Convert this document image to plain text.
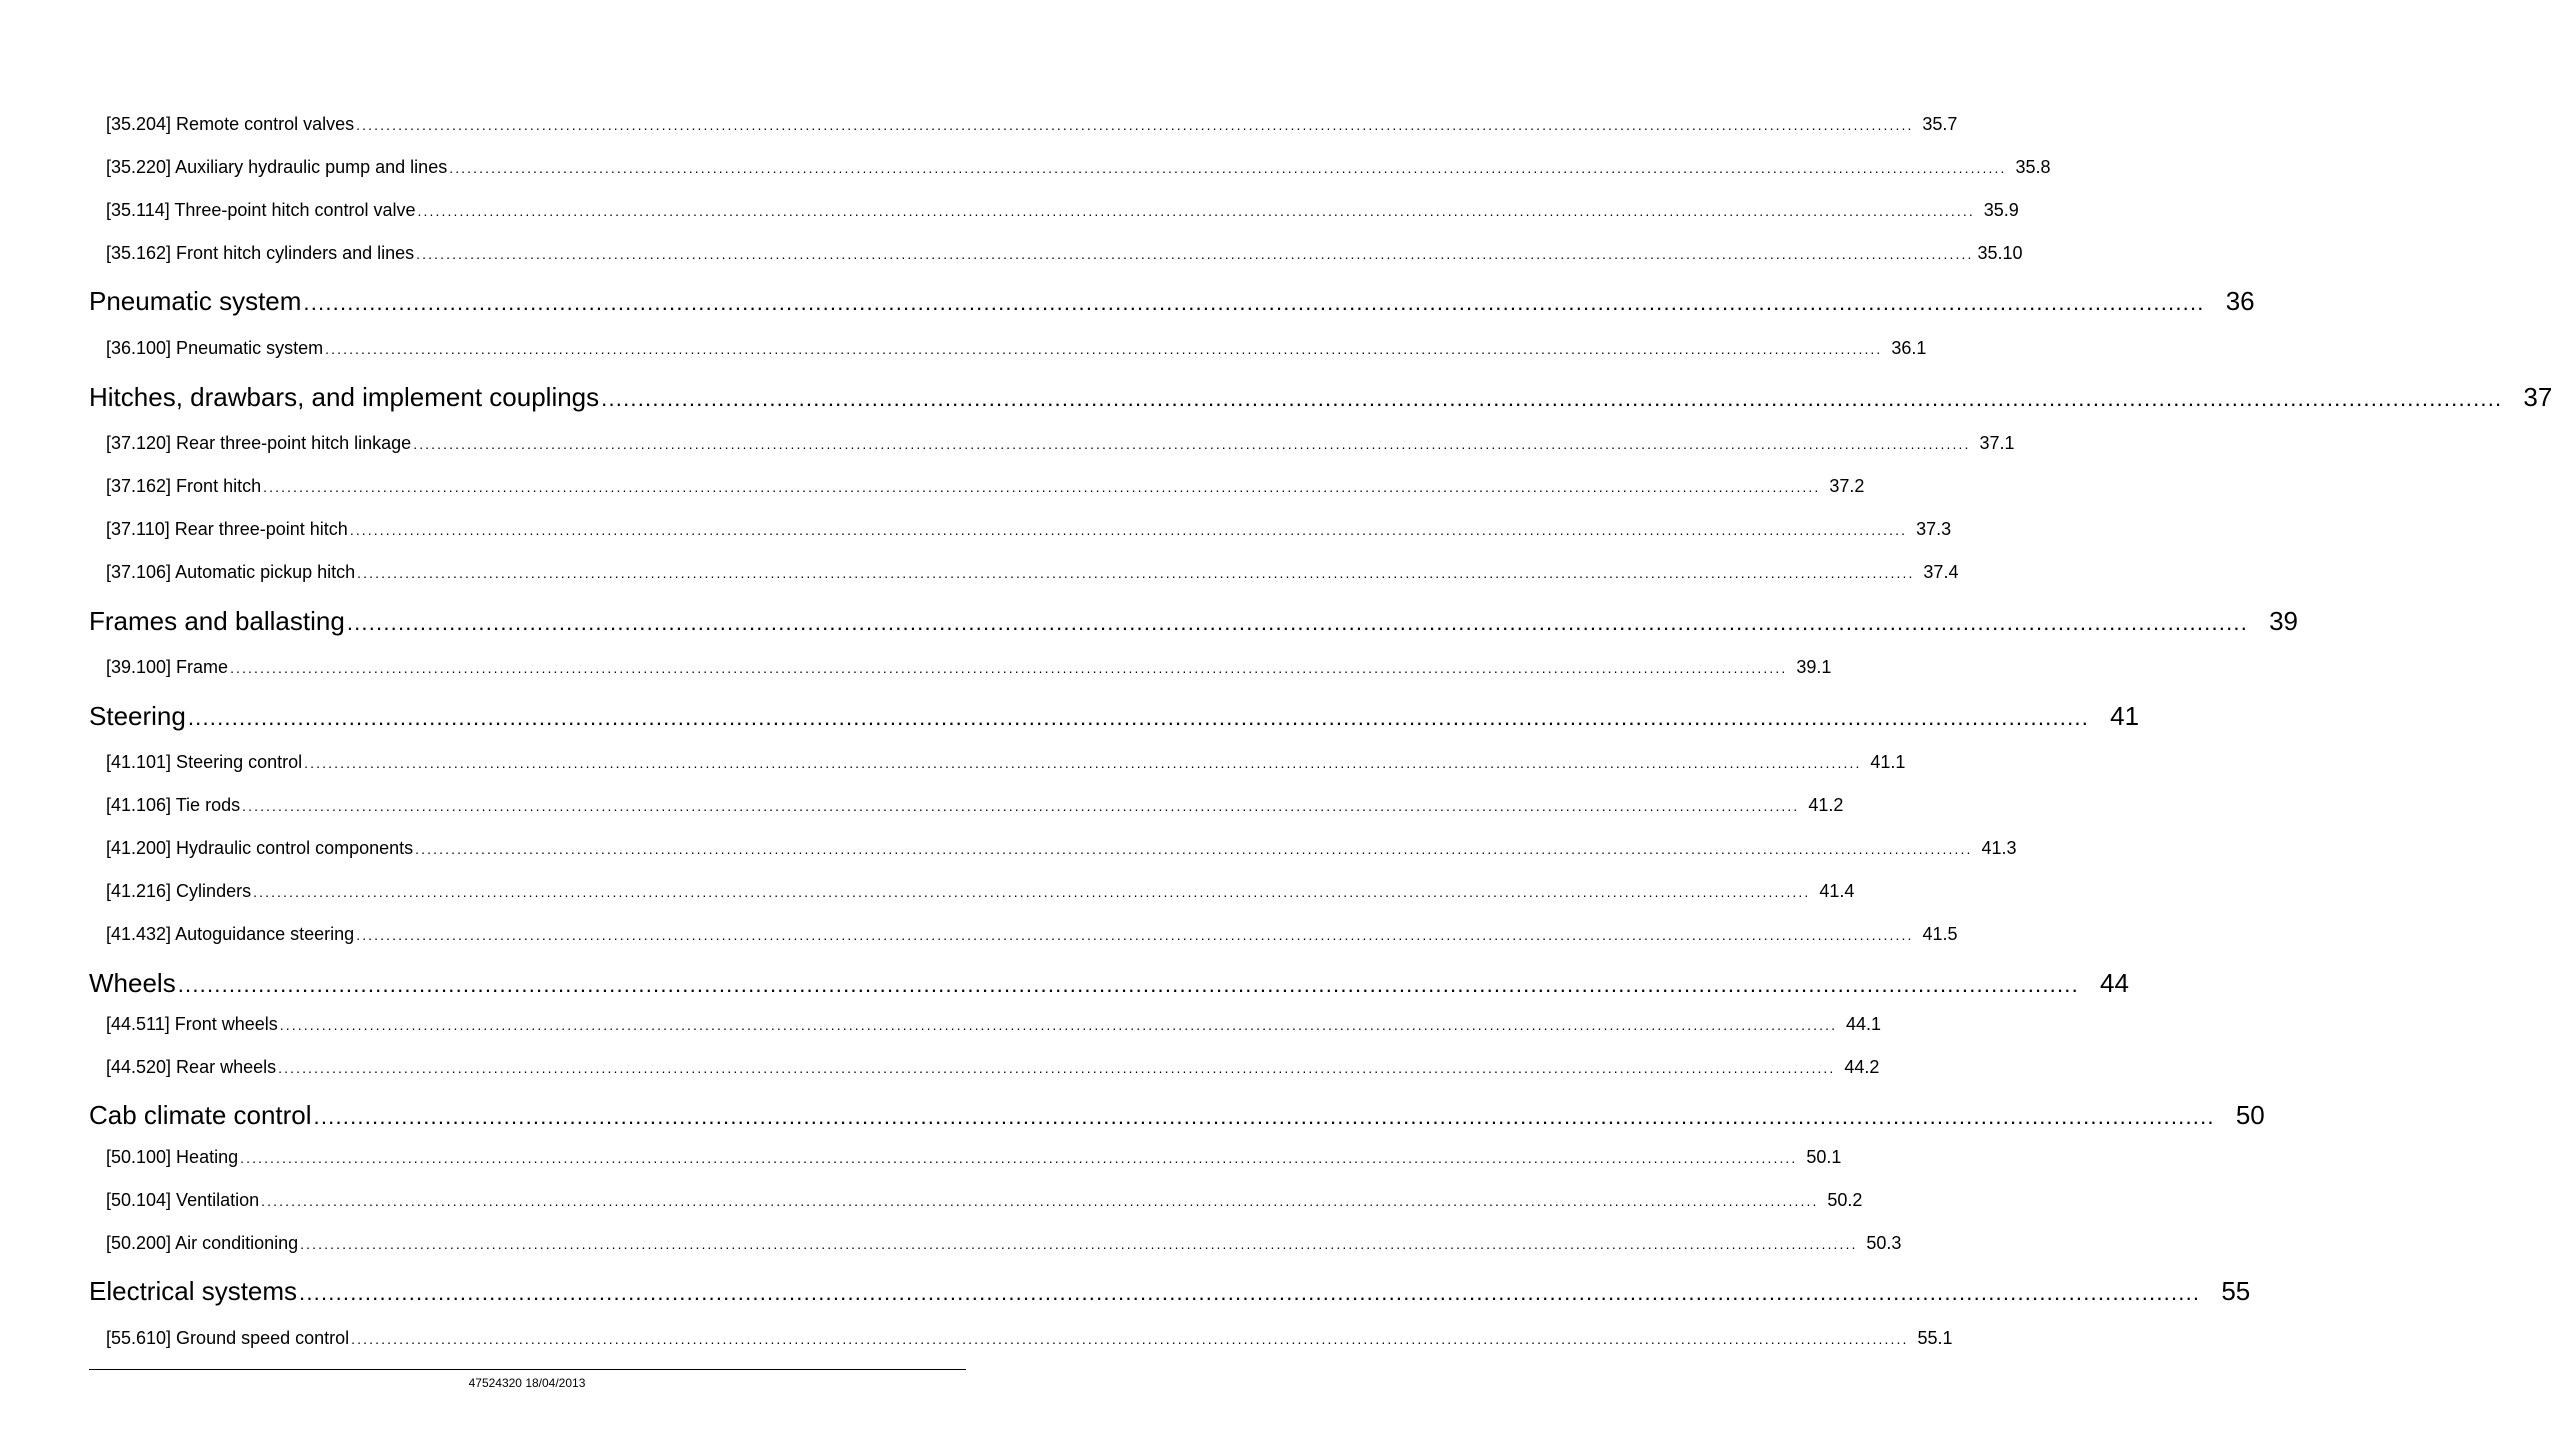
[35.204] Remote control valves .................................................................................................................................................................................................................................................................... 35.7
[35.220] Auxiliary hydraulic pump and lines .................................................................................................................................................................................................................................................................... 35.8
[35.114] Three-point hitch control valve .................................................................................................................................................................................................................................................................... 35.9
[35.162] Front hitch cylinders and lines .................................................................................................................................................................................................................................................................... 35.10
Pneumatic system .................................................................................................................................................................................................................................................................... 36
[36.100] Pneumatic system .................................................................................................................................................................................................................................................................... 36.1
Hitches, drawbars, and implement couplings .................................................................................................................................................................................................................................................................... 37
[37.120] Rear three-point hitch linkage .................................................................................................................................................................................................................................................................... 37.1
[37.162] Front hitch .................................................................................................................................................................................................................................................................... 37.2
[37.110] Rear three-point hitch .................................................................................................................................................................................................................................................................... 37.3
[37.106] Automatic pickup hitch .................................................................................................................................................................................................................................................................... 37.4
Frames and ballasting .................................................................................................................................................................................................................................................................... 39
[39.100] Frame .................................................................................................................................................................................................................................................................... 39.1
Steering .................................................................................................................................................................................................................................................................... 41
[41.101] Steering control .................................................................................................................................................................................................................................................................... 41.1
[41.106] Tie rods .................................................................................................................................................................................................................................................................... 41.2
[41.200] Hydraulic control components .................................................................................................................................................................................................................................................................... 41.3
[41.216] Cylinders .................................................................................................................................................................................................................................................................... 41.4
[41.432] Autoguidance steering .................................................................................................................................................................................................................................................................... 41.5
Wheels .................................................................................................................................................................................................................................................................... 44
[44.511] Front wheels .................................................................................................................................................................................................................................................................... 44.1
[44.520] Rear wheels .................................................................................................................................................................................................................................................................... 44.2
Cab climate control .................................................................................................................................................................................................................................................................... 50
[50.100] Heating .................................................................................................................................................................................................................................................................... 50.1
[50.104] Ventilation .................................................................................................................................................................................................................................................................... 50.2
[50.200] Air conditioning .................................................................................................................................................................................................................................................................... 50.3
Electrical systems .................................................................................................................................................................................................................................................................... 55
[55.610] Ground speed control .................................................................................................................................................................................................................................................................... 55.1
47524320 18/04/2013
